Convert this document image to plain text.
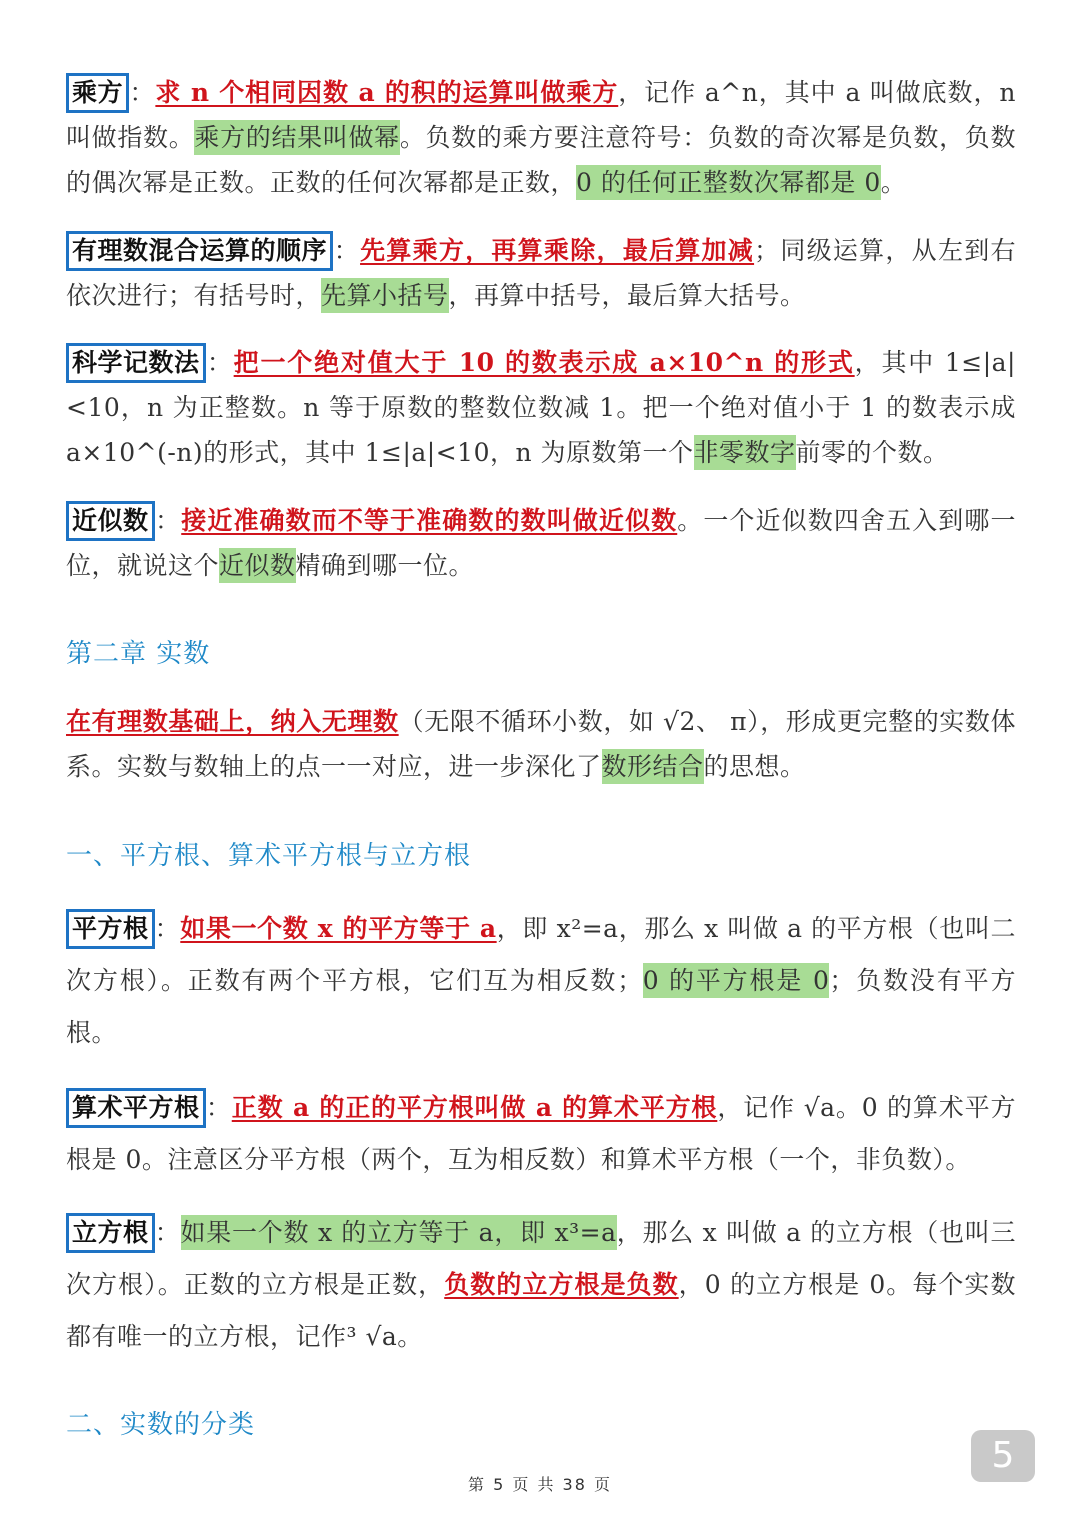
乘方 ：求 n 个相同因数 a 的积的运算叫做乘方，记作 a^n，其中 a 叫做底数，n 叫做指数。乘方的结果叫做幂。负数的乘方要注意符号：负数的奇次幂是负数，负数的偶次幂是正数。正数的任何次幂都是正数，0 的任何正整数次幂都是 0。

有理数混合运算的顺序 ：先算乘方，再算乘除，最后算加减；同级运算，从左到右依次进行；有括号时，先算小括号，再算中括号，最后算大括号。

科学记数法 ：把一个绝对值大于 10 的数表示成 a×10^n 的形式，其中 1≤|a|<10，n 为正整数。n 等于原数的整数位数减 1。把一个绝对值小于 1 的数表示成 a×10^(-n)的形式，其中 1≤|a|<10，n 为原数第一个非零数字前零的个数。

近似数 ：接近准确数而不等于准确数的数叫做近似数。一个近似数四舍五入到哪一位，就说这个近似数精确到哪一位。

第二章 实数

在有理数基础上，纳入无理数（无限不循环小数，如 √2、 π），形成更完整的实数体系。实数与数轴上的点一一对应，进一步深化了数形结合的思想。

一、平方根、算术平方根与立方根

平方根 ：如果一个数 x 的平方等于 a，即 x²=a，那么 x 叫做 a 的平方根（也叫二次方根）。正数有两个平方根，它们互为相反数；0 的平方根是 0；负数没有平方根。

算术平方根 ：正数 a 的正的平方根叫做 a 的算术平方根，记作 √a。0 的算术平方根是 0。注意区分平方根（两个，互为相反数）和算术平方根（一个，非负数）。

立方根 ：如果一个数 x 的立方等于 a，即 x³=a，那么 x 叫做 a 的立方根（也叫三次方根）。正数的立方根是正数，负数的立方根是负数，0 的立方根是 0。每个实数都有唯一的立方根，记作³ √a。

二、实数的分类
5
第 5 页 共 38 页
